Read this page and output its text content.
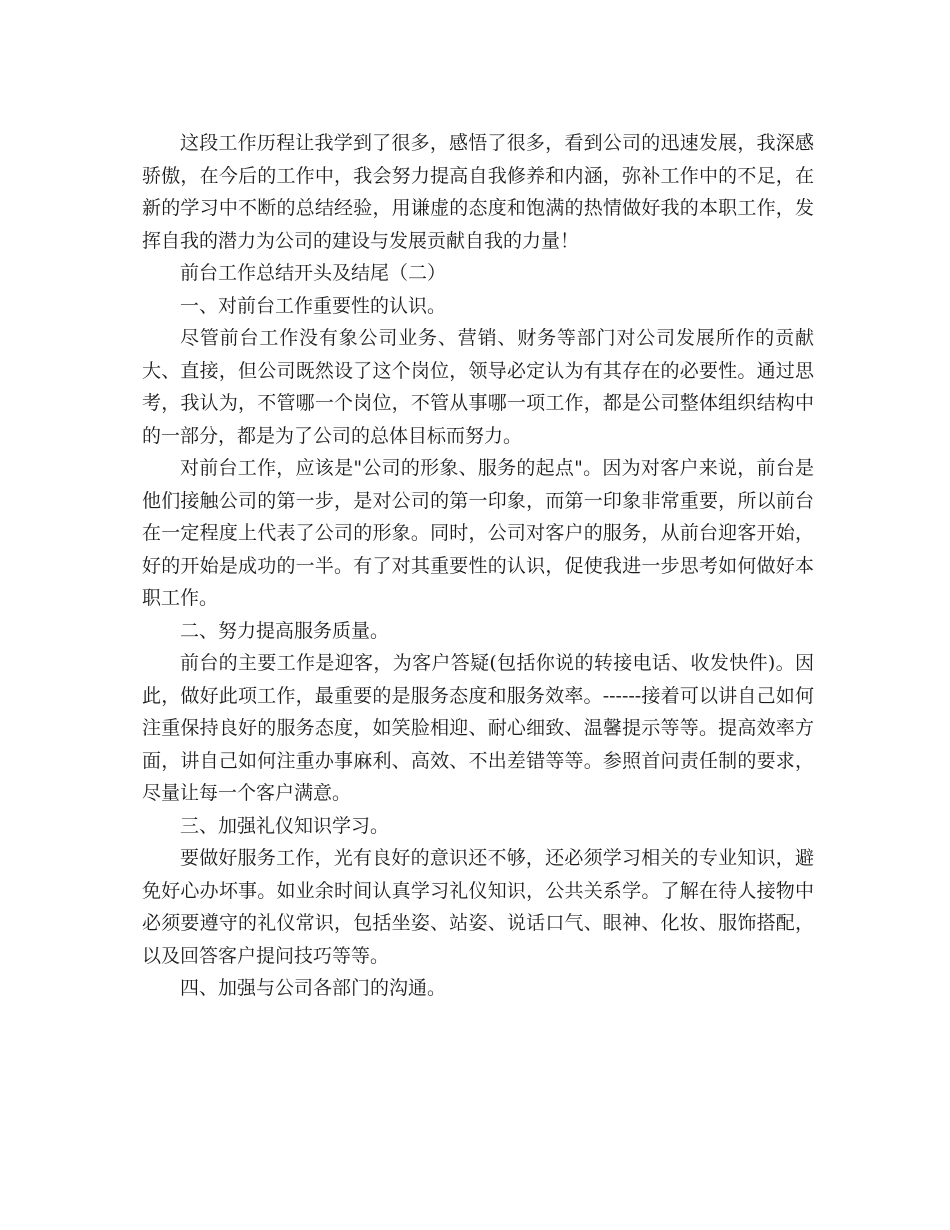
这段工作历程让我学到了很多，感悟了很多，看到公司的迅速发展，我深感骄傲，在今后的工作中，我会努力提高自我修养和内涵，弥补工作中的不足，在新的学习中不断的总结经验，用谦虚的态度和饱满的热情做好我的本职工作，发挥自我的潜力为公司的建设与发展贡献自我的力量！

前台工作总结开头及结尾（二）

一、对前台工作重要性的认识。

尽管前台工作没有象公司业务、营销、财务等部门对公司发展所作的贡献大、直接，但公司既然设了这个岗位，领导必定认为有其存在的必要性。通过思考，我认为，不管哪一个岗位，不管从事哪一项工作，都是公司整体组织结构中的一部分，都是为了公司的总体目标而努力。

对前台工作，应该是"公司的形象、服务的起点"。因为对客户来说，前台是他们接触公司的第一步，是对公司的第一印象，而第一印象非常重要，所以前台在一定程度上代表了公司的形象。同时，公司对客户的服务，从前台迎客开始，好的开始是成功的一半。有了对其重要性的认识，促使我进一步思考如何做好本职工作。

二、努力提高服务质量。

前台的主要工作是迎客，为客户答疑(包括你说的转接电话、收发快件)。因此，做好此项工作，最重要的是服务态度和服务效率。------接着可以讲自己如何注重保持良好的服务态度，如笑脸相迎、耐心细致、温馨提示等等。提高效率方面，讲自己如何注重办事麻利、高效、不出差错等等。参照首问责任制的要求，尽量让每一个客户满意。

三、加强礼仪知识学习。

要做好服务工作，光有良好的意识还不够，还必须学习相关的专业知识，避免好心办坏事。如业余时间认真学习礼仪知识，公共关系学。了解在待人接物中必须要遵守的礼仪常识，包括坐姿、站姿、说话口气、眼神、化妆、服饰搭配，以及回答客户提问技巧等等。

四、加强与公司各部门的沟通。
